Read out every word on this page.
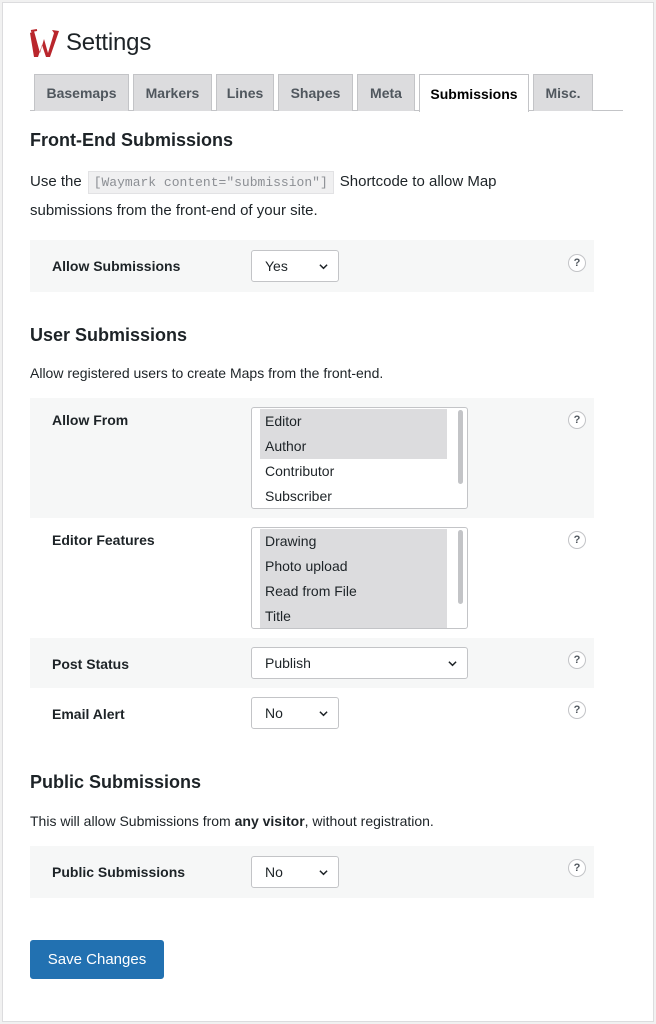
Settings
Basemaps	Markers	Lines	Shapes	Meta	Submissions	Misc.
Front-End Submissions
Use the [Waymark content="submission"] Shortcode to allow Map
submissions from the front-end of your site.
Allow Submissions	Yes	?
User Submissions
Allow registered users to create Maps from the front-end.
Allow From	Editor
Author
Contributor
Subscriber
?
Editor Features	Drawing
Photo upload
Read from File
Title
?
Post Status	Publish	?
Email Alert	No	?
Public Submissions
This will allow Submissions from any visitor, without registration.
Public Submissions	No	?
Save Changes
